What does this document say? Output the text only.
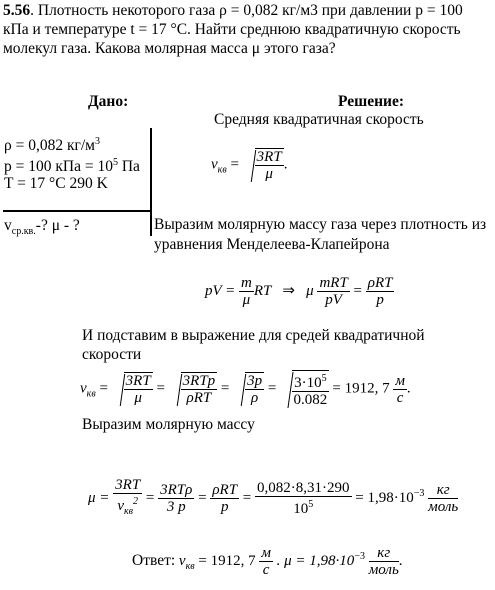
5.56. Плотность некоторого газа ρ = 0,082 кг/м3 при давлении p = 100
кПа и температуре t = 17 °C. Найти среднюю квадратичную скорость
молекул газа. Какова молярная масса μ этого газа?
Дано:	Решение:
Средняя квадратичная скорость
ρ = 0,082 $кг/м^3$
p = 100 кПа = $10^5$ Па
T = 17 °C 290 K
$v_{ср.кв.}-$? μ - ?
$v_{кв} = \frac{3RT}{\mu}$ .
Выразим молярную массу газа через плотность из
уравнения Менделеева-Клапейрона
pV = $\frac{m}{\mu}$ RT ⇒ μ $\frac{\text{mRT}}{pV} = \frac{\text{ρRT}}{p}$
И подставим в выражение для средей квадратичной
скорости
$v_{кв} = \frac{3RT}{\mu} = \frac{\text{3RTp}}{\text{ρRT}} = \frac{3p}{\rho} = \frac{3\cdot 10^5}{0.082} = 1912$, $7 \frac{м}{с}$ .
Выразим молярную массу
$\mu = \frac{3RT}{v_{кв}^2} = \frac{\text{3RTρ}}{3 p} = \frac{\text{ρRT}}{p} = \frac{0,082\cdot 8,31\cdot 290}{10^5} = 1,98\cdot 10^{-3} \frac{кг}{\text{моль}}$
Ответ: $v_{кв} = 1912$, $7 \frac{м}{с}$ . $\mu = 1,98\cdot 10^{-3} \frac{кг}{\text{моль}}$ .
